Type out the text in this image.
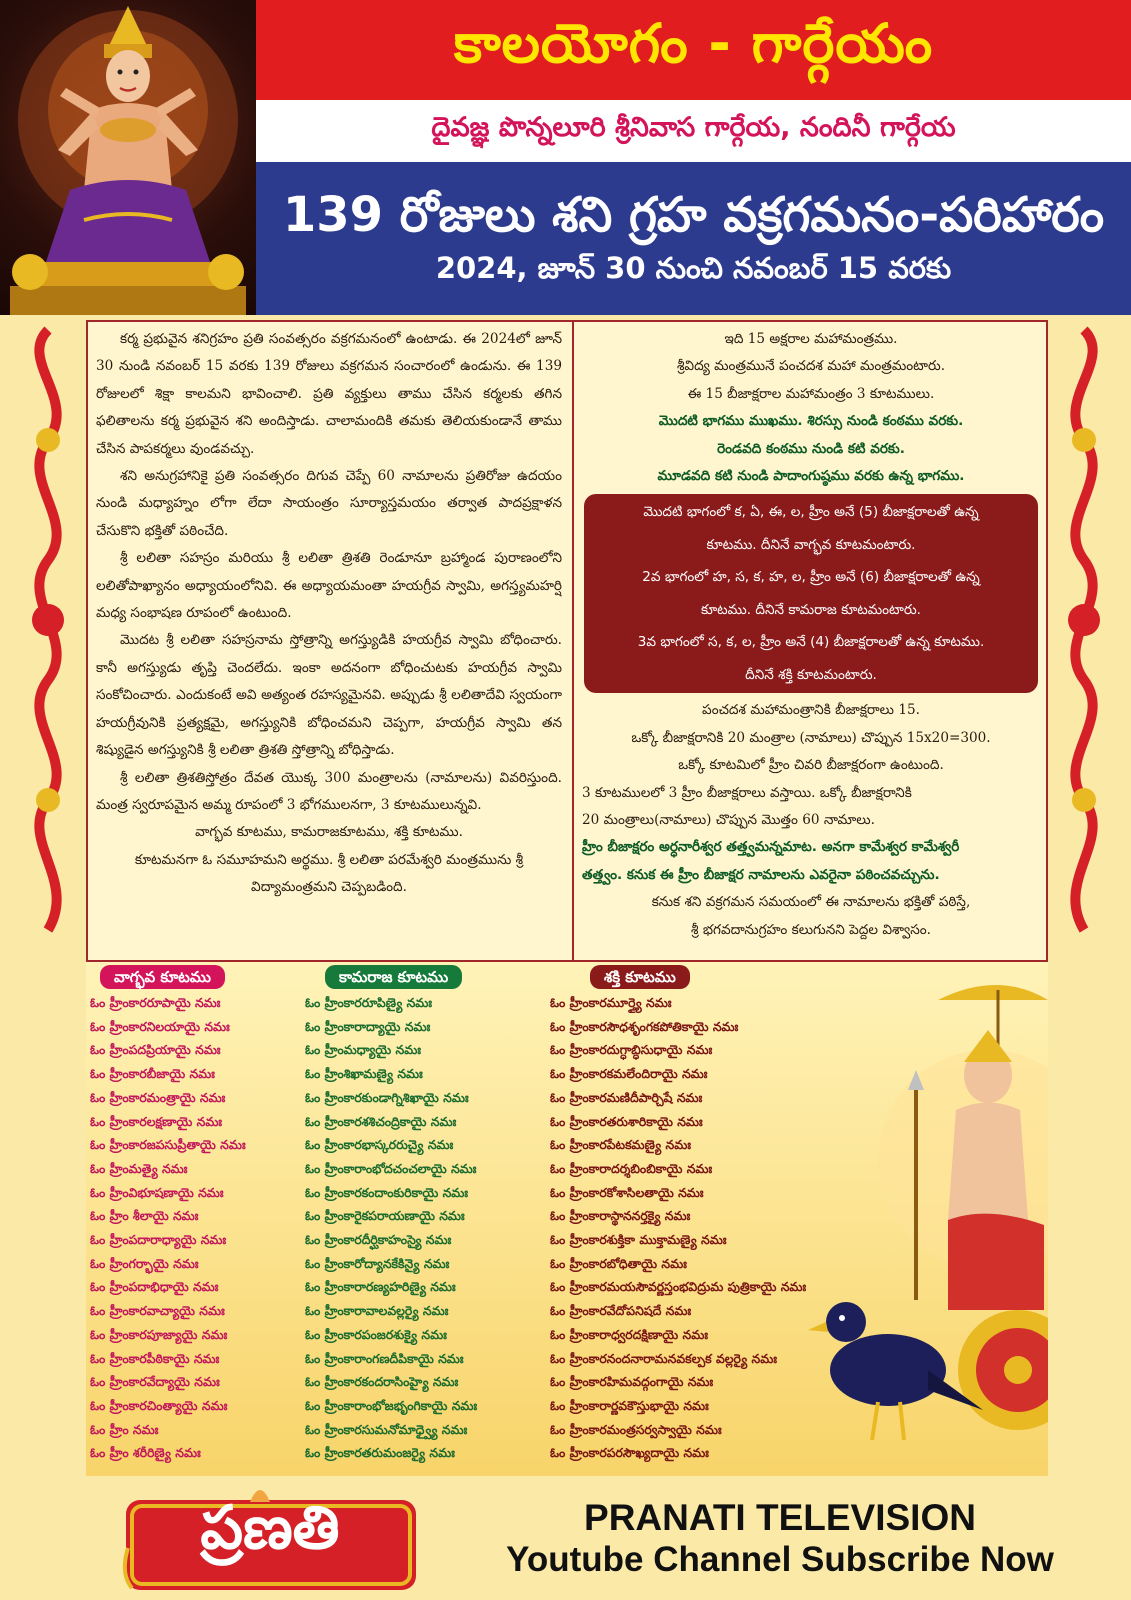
కాలయోగం - గార్గేయం
దైవజ్ఞ పొన్నలూరి శ్రీనివాస గార్గేయ, నందినీ గార్గేయ
139 రోజులు శని గ్రహ వక్రగమనం-పరిహారం
2024, జూన్ 30 నుంచి నవంబర్ 15 వరకు

కర్మ ప్రభువైన శనిగ్రహం ప్రతి సంవత్సరం వక్రగమనంలో ఉంటాడు. ఈ 2024లో జూన్ 30 నుండి నవంబర్ 15 వరకు 139 రోజులు వక్రగమన సంచారంలో ఉండును. ఈ 139 రోజులలో శిక్షా కాలమని భావించాలి. ప్రతి వ్యక్తులు తాము చేసిన కర్మలకు తగిన ఫలితాలను కర్మ ప్రభువైన శని అందిస్తాడు. చాలామందికి తమకు తెలియకుండానే తాము చేసిన పాపకర్మలు వుండవచ్చు.

శని అనుగ్రహానికై ప్రతి సంవత్సరం దిగువ చెప్పే 60 నామాలను ప్రతిరోజు ఉదయం నుండి మధ్యాహ్నం లోగా లేదా సాయంత్రం సూర్యాస్తమయం తర్వాత పాదప్రక్షాళన చేసుకొని భక్తితో పఠించేది.

శ్రీ లలితా సహస్రం మరియు శ్రీ లలితా త్రిశతి రెండూనూ బ్రహ్మాండ పురాణంలోని లలితోపాఖ్యానం అధ్యాయంలోనివి. ఈ అధ్యాయమంతా హయగ్రీవ స్వామి, అగస్త్యమహర్షి మధ్య సంభాషణ రూపంలో ఉంటుంది.

మొదట శ్రీ లలితా సహస్రనామ స్తోత్రాన్ని అగస్త్యుడికి హయగ్రీవ స్వామి బోధించారు. కానీ అగస్త్యుడు తృప్తి చెందలేదు. ఇంకా అదనంగా బోధించుటకు హయగ్రీవ స్వామి సంకోచించారు. ఎందుకంటే అవి అత్యంత రహస్యమైనవి. అప్పుడు శ్రీ లలితాదేవి స్వయంగా హయగ్రీవునికి ప్రత్యక్షమై, అగస్త్యునికి బోధించమని చెప్పగా, హయగ్రీవ స్వామి తన శిష్యుడైన అగస్త్యునికి శ్రీ లలితా త్రిశతి స్తోత్రాన్ని బోధిస్తాడు.

శ్రీ లలితా త్రిశతిస్తోత్రం దేవత యొక్క 300 మంత్రాలను (నామాలను) వివరిస్తుంది. మంత్ర స్వరూపమైన అమ్మ రూపంలో 3 భోగములనగా, 3 కూటములున్నవి.

వాగ్భవ కూటము, కామరాజకూటము, శక్తి కూటము.

కూటమనగా ఓ సమూహమని అర్థము. శ్రీ లలితా పరమేశ్వరి మంత్రమును శ్రీ విద్యామంత్రమని చెప్పబడింది.

ఇది 15 అక్షరాల మహామంత్రము.
శ్రీవిద్య మంత్రమునే పంచదశ మహా మంత్రమంటారు.
ఈ 15 బీజాక్షరాల మహామంత్రం 3 కూటములు.
మొదటి భాగము ముఖము. శిరస్సు నుండి కంఠము వరకు.
రెండవది కంఠము నుండి కటి వరకు.
మూడవది కటి నుండి పాదాంగుష్ఠము వరకు ఉన్న భాగము.
మొదటి భాగంలో క, ఏ, ఈ, ల, హ్రీం అనే (5) బీజాక్షరాలతో ఉన్న
కూటము. దీనినే వాగ్భవ కూటమంటారు.
2వ భాగంలో హ, స, క, హ, ల, హ్రీం అనే (6) బీజాక్షరాలతో ఉన్న
కూటము. దీనినే కామరాజ కూటమంటారు.
3వ భాగంలో స, క, ల, హ్రీం అనే (4) బీజాక్షరాలతో ఉన్న కూటము.
దీనినే శక్తి కూటమంటారు.
పంచదశ మహామంత్రానికి బీజాక్షరాలు 15.
ఒక్కో బీజాక్షరానికి 20 మంత్రాల (నామాలు) చొప్పున 15x20=300.
ఒక్కో కూటమిలో హ్రీం చివరి బీజాక్షరంగా ఉంటుంది.
3 కూటములలో 3 హ్రీం బీజాక్షరాలు వస్తాయి. ఒక్కో బీజాక్షరానికి
20 మంత్రాలు(నామాలు) చొప్పున మొత్తం 60 నామాలు.
హ్రీం బీజాక్షరం అర్ధనారీశ్వర తత్త్వమన్నమాట. అనగా కామేశ్వర కామేశ్వరీ
తత్త్వం. కనుక ఈ హ్రీం బీజాక్షర నామాలను ఎవరైనా పఠించవచ్చును.
కనుక శని వక్రగమన సమయంలో ఈ నామాలను భక్తితో పఠిస్తే,
శ్రీ భగవదానుగ్రహం కలుగునని పెద్దల విశ్వాసం.
వాగ్భవ కూటము
ఓం హ్రీంకారరూపాయై నమః
ఓం హ్రీంకారనిలయాయై నమః
ఓం హ్రీంపదప్రియాయై నమః
ఓం హ్రీంకారబీజాయై నమః
ఓం హ్రీంకారమంత్రాయై నమః
ఓం హ్రీంకారలక్షణాయై నమః
ఓం హ్రీంకారజపసుప్రీతాయై నమః
ఓం హ్రీంమత్యై నమః
ఓం హ్రీంవిభూషణాయై నమః
ఓం హ్రీం శీలాయై నమః
ఓం హ్రీంపదారాధ్యాయై నమః
ఓం హ్రీంగర్భాయై నమః
ఓం హ్రీంపదాభిధాయై నమః
ఓం హ్రీంకారవాచ్యాయై నమః
ఓం హ్రీంకారపూజ్యాయై నమః
ఓం హ్రీంకారపీఠికాయై నమః
ఓం హ్రీంకారవేద్యాయై నమః
ఓం హ్రీంకారచింత్యాయై నమః
ఓం హ్రీం నమః
ఓం హ్రీం శరీరిణ్యై నమః
కామరాజ కూటము
ఓం హ్రీంకారరూపిణ్యై నమః
ఓం హ్రీంకారాద్యాయై నమః
ఓం హ్రీంమధ్యాయై నమః
ఓం హ్రీంశిఖామణ్యై నమః
ఓం హ్రీంకారకుండాగ్నిశిఖాయై నమః
ఓం హ్రీంకారశశిచంద్రికాయై నమః
ఓం హ్రీంకారభాస్కరరుచ్యై నమః
ఓం హ్రీంకారాంభోదచంచలాయై నమః
ఓం హ్రీంకారకందాంకురికాయై నమః
ఓం హ్రీంకారైకపరాయణాయై నమః
ఓం హ్రీంకారదీర్ఘికాహంస్యై నమః
ఓం హ్రీంకారోద్యానకేకిన్యై నమః
ఓం హ్రీంకారారణ్యహరిణ్యై నమః
ఓం హ్రీంకారావాలవల్లర్యై నమః
ఓం హ్రీంకారపంజరశుక్యై నమః
ఓం హ్రీంకారాంగణదీపికాయై నమః
ఓం హ్రీంకారకందరాసింహ్యై నమః
ఓం హ్రీంకారాంభోజభృంగికాయై నమః
ఓం హ్రీంకారసుమనోమాధ్వ్యై నమః
ఓం హ్రీంకారతరుమంజర్యై నమః
శక్తి కూటము
ఓం హ్రీంకారమూర్త్యై నమః
ఓం హ్రీంకారసౌధశృంగకపోతికాయై నమః
ఓం హ్రీంకారదుగ్ధాబ్ధిసుధాయై నమః
ఓం హ్రీంకారకమలేందిరాయై నమః
ఓం హ్రీంకారమణిదీపార్చిషే నమః
ఓం హ్రీంకారతరుశారికాయై నమః
ఓం హ్రీంకారపేటకమణ్యై నమః
ఓం హ్రీంకారాదర్శబింబికాయై నమః
ఓం హ్రీంకారకోశాసిలతాయై నమః
ఓం హ్రీంకారాస్థాననర్తక్యై నమః
ఓం హ్రీంకారశుక్తికా ముక్తామణ్యై నమః
ఓం హ్రీంకారబోధితాయై నమః
ఓం హ్రీంకారమయసౌవర్ణస్తంభవిద్రుమ పుత్రికాయై నమః
ఓం హ్రీంకారవేదోపనిషదే నమః
ఓం హ్రీంకారాధ్వరదక్షిణాయై నమః
ఓం హ్రీంకారనందనారామనవకల్పక వల్లర్యై నమః
ఓం హ్రీంకారహిమవద్గంగాయై నమః
ఓం హ్రీంకారార్ణవకౌస్తుభాయై నమః
ఓం హ్రీంకారమంత్రసర్వస్వాయై నమః
ఓం హ్రీంకారపరసౌఖ్యదాయై నమః
ప్రణతి	PRANATI TELEVISION
Youtube Channel Subscribe Now
